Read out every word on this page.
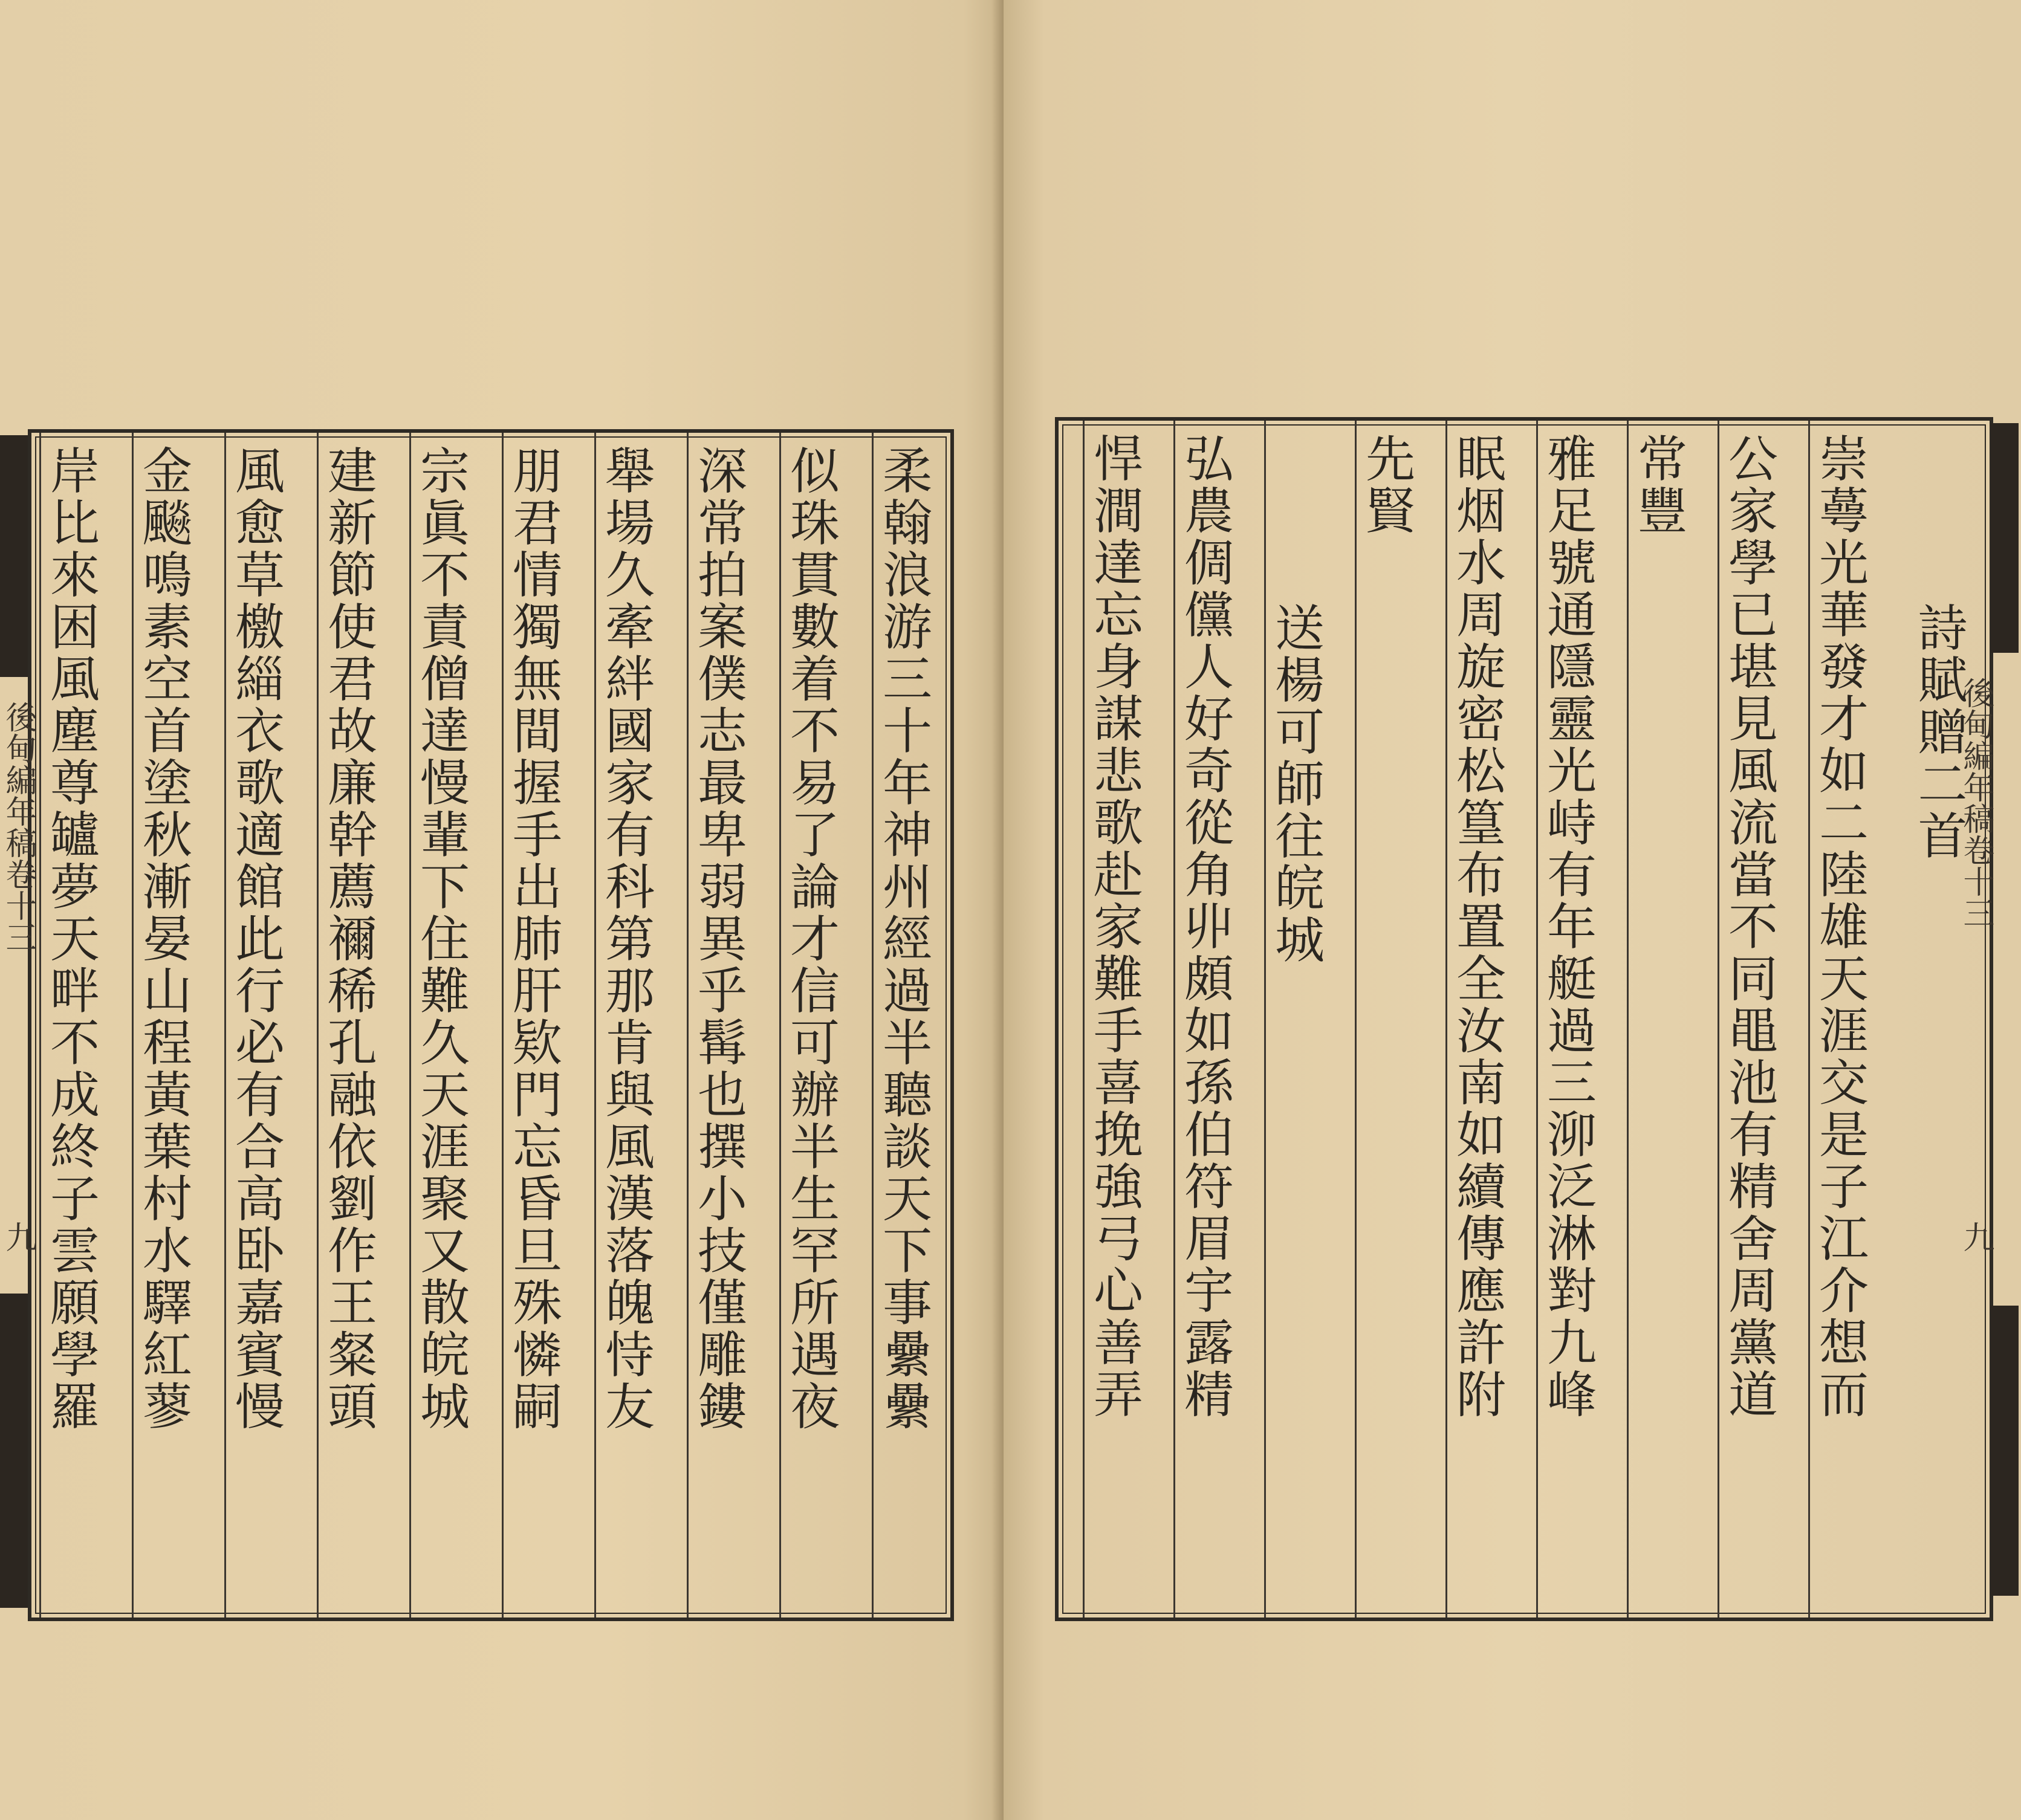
柔翰浪游三十年神州經過半聽談天下事纍纍
似珠貫數着不易了論才信可辦半生罕所遇夜
深常拍案僕志最卑弱異乎髯也撰小技僅雕鏤
舉場久牽絆國家有科第那肯與風漢落魄恃友
朋君情獨無間握手出肺肝欵門忘昏旦殊憐嗣
宗眞不責僧達慢輩下住難久天涯聚又散皖城
建新節使君故廉幹薦禰稀孔融依劉作王粲頭
風愈草檄緇衣歌適館此行必有合高卧嘉賓慢
金飈鳴素空首塗秋漸晏山程黃葉村水驛紅蓼
岸比來困風塵尊罏夢天畔不成終子雲願學羅
後甸編年稿卷十三
九
詩賦贈二首
崇蕚光華發才如二陸雄天涯交是子江介想而
公家學已堪見風流當不同黽池有精舍周黨道
常豐
雅足號通隱靈光峙有年艇過三泖泛淋對九峰
眠烟水周旋密松篁布置全汝南如續傳應許附
先賢
送楊可師往皖城
弘農倜儻人好奇從角丱頗如孫伯符眉宇露精
悍澗達忘身謀悲歌赴家難手喜挽強弓心善弄	後甸編年稿卷十三
九
